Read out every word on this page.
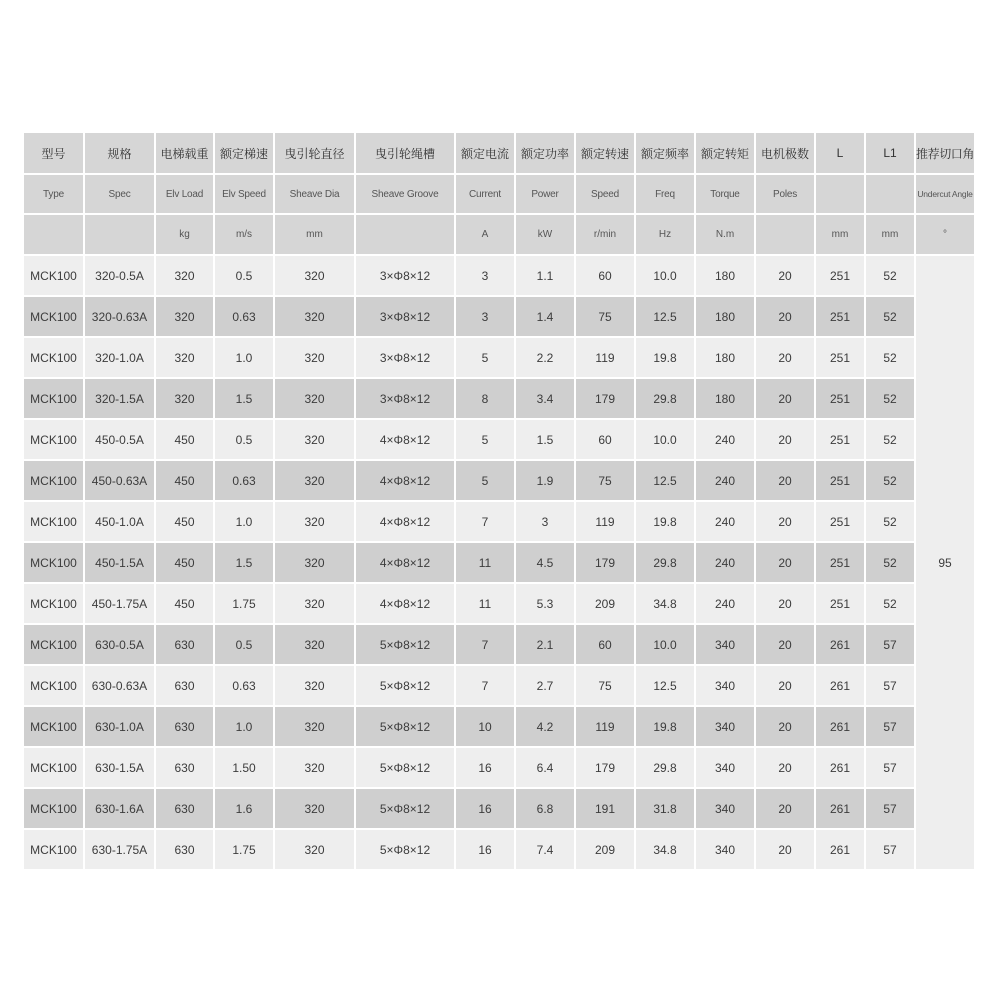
型号	规格	电梯载重	额定梯速	曳引轮直径	曳引轮绳槽	额定电流	额定功率	额定转速	额定频率	额定转矩	电机极数	L	L1	推荐切口角
Type	Spec	Elv Load	Elv Speed	Sheave Dia	Sheave Groove	Current	Power	Speed	Freq	Torque	Poles			Undercut Angle
		kg	m/s	mm		A	kW	r/min	Hz	N.m		mm	mm	°
MCK100	320-0.5A	320	0.5	320	3×Φ8×12	3	1.1	60	10.0	180	20	251	52	95
MCK100	320-0.63A	320	0.63	320	3×Φ8×12	3	1.4	75	12.5	180	20	251	52	
MCK100	320-1.0A	320	1.0	320	3×Φ8×12	5	2.2	119	19.8	180	20	251	52	
MCK100	320-1.5A	320	1.5	320	3×Φ8×12	8	3.4	179	29.8	180	20	251	52	
MCK100	450-0.5A	450	0.5	320	4×Φ8×12	5	1.5	60	10.0	240	20	251	52	
MCK100	450-0.63A	450	0.63	320	4×Φ8×12	5	1.9	75	12.5	240	20	251	52	
MCK100	450-1.0A	450	1.0	320	4×Φ8×12	7	3	119	19.8	240	20	251	52	
MCK100	450-1.5A	450	1.5	320	4×Φ8×12	11	4.5	179	29.8	240	20	251	52	
MCK100	450-1.75A	450	1.75	320	4×Φ8×12	11	5.3	209	34.8	240	20	251	52	
MCK100	630-0.5A	630	0.5	320	5×Φ8×12	7	2.1	60	10.0	340	20	261	57	
MCK100	630-0.63A	630	0.63	320	5×Φ8×12	7	2.7	75	12.5	340	20	261	57	
MCK100	630-1.0A	630	1.0	320	5×Φ8×12	10	4.2	119	19.8	340	20	261	57	
MCK100	630-1.5A	630	1.50	320	5×Φ8×12	16	6.4	179	29.8	340	20	261	57	
MCK100	630-1.6A	630	1.6	320	5×Φ8×12	16	6.8	191	31.8	340	20	261	57	
MCK100	630-1.75A	630	1.75	320	5×Φ8×12	16	7.4	209	34.8	340	20	261	57	
